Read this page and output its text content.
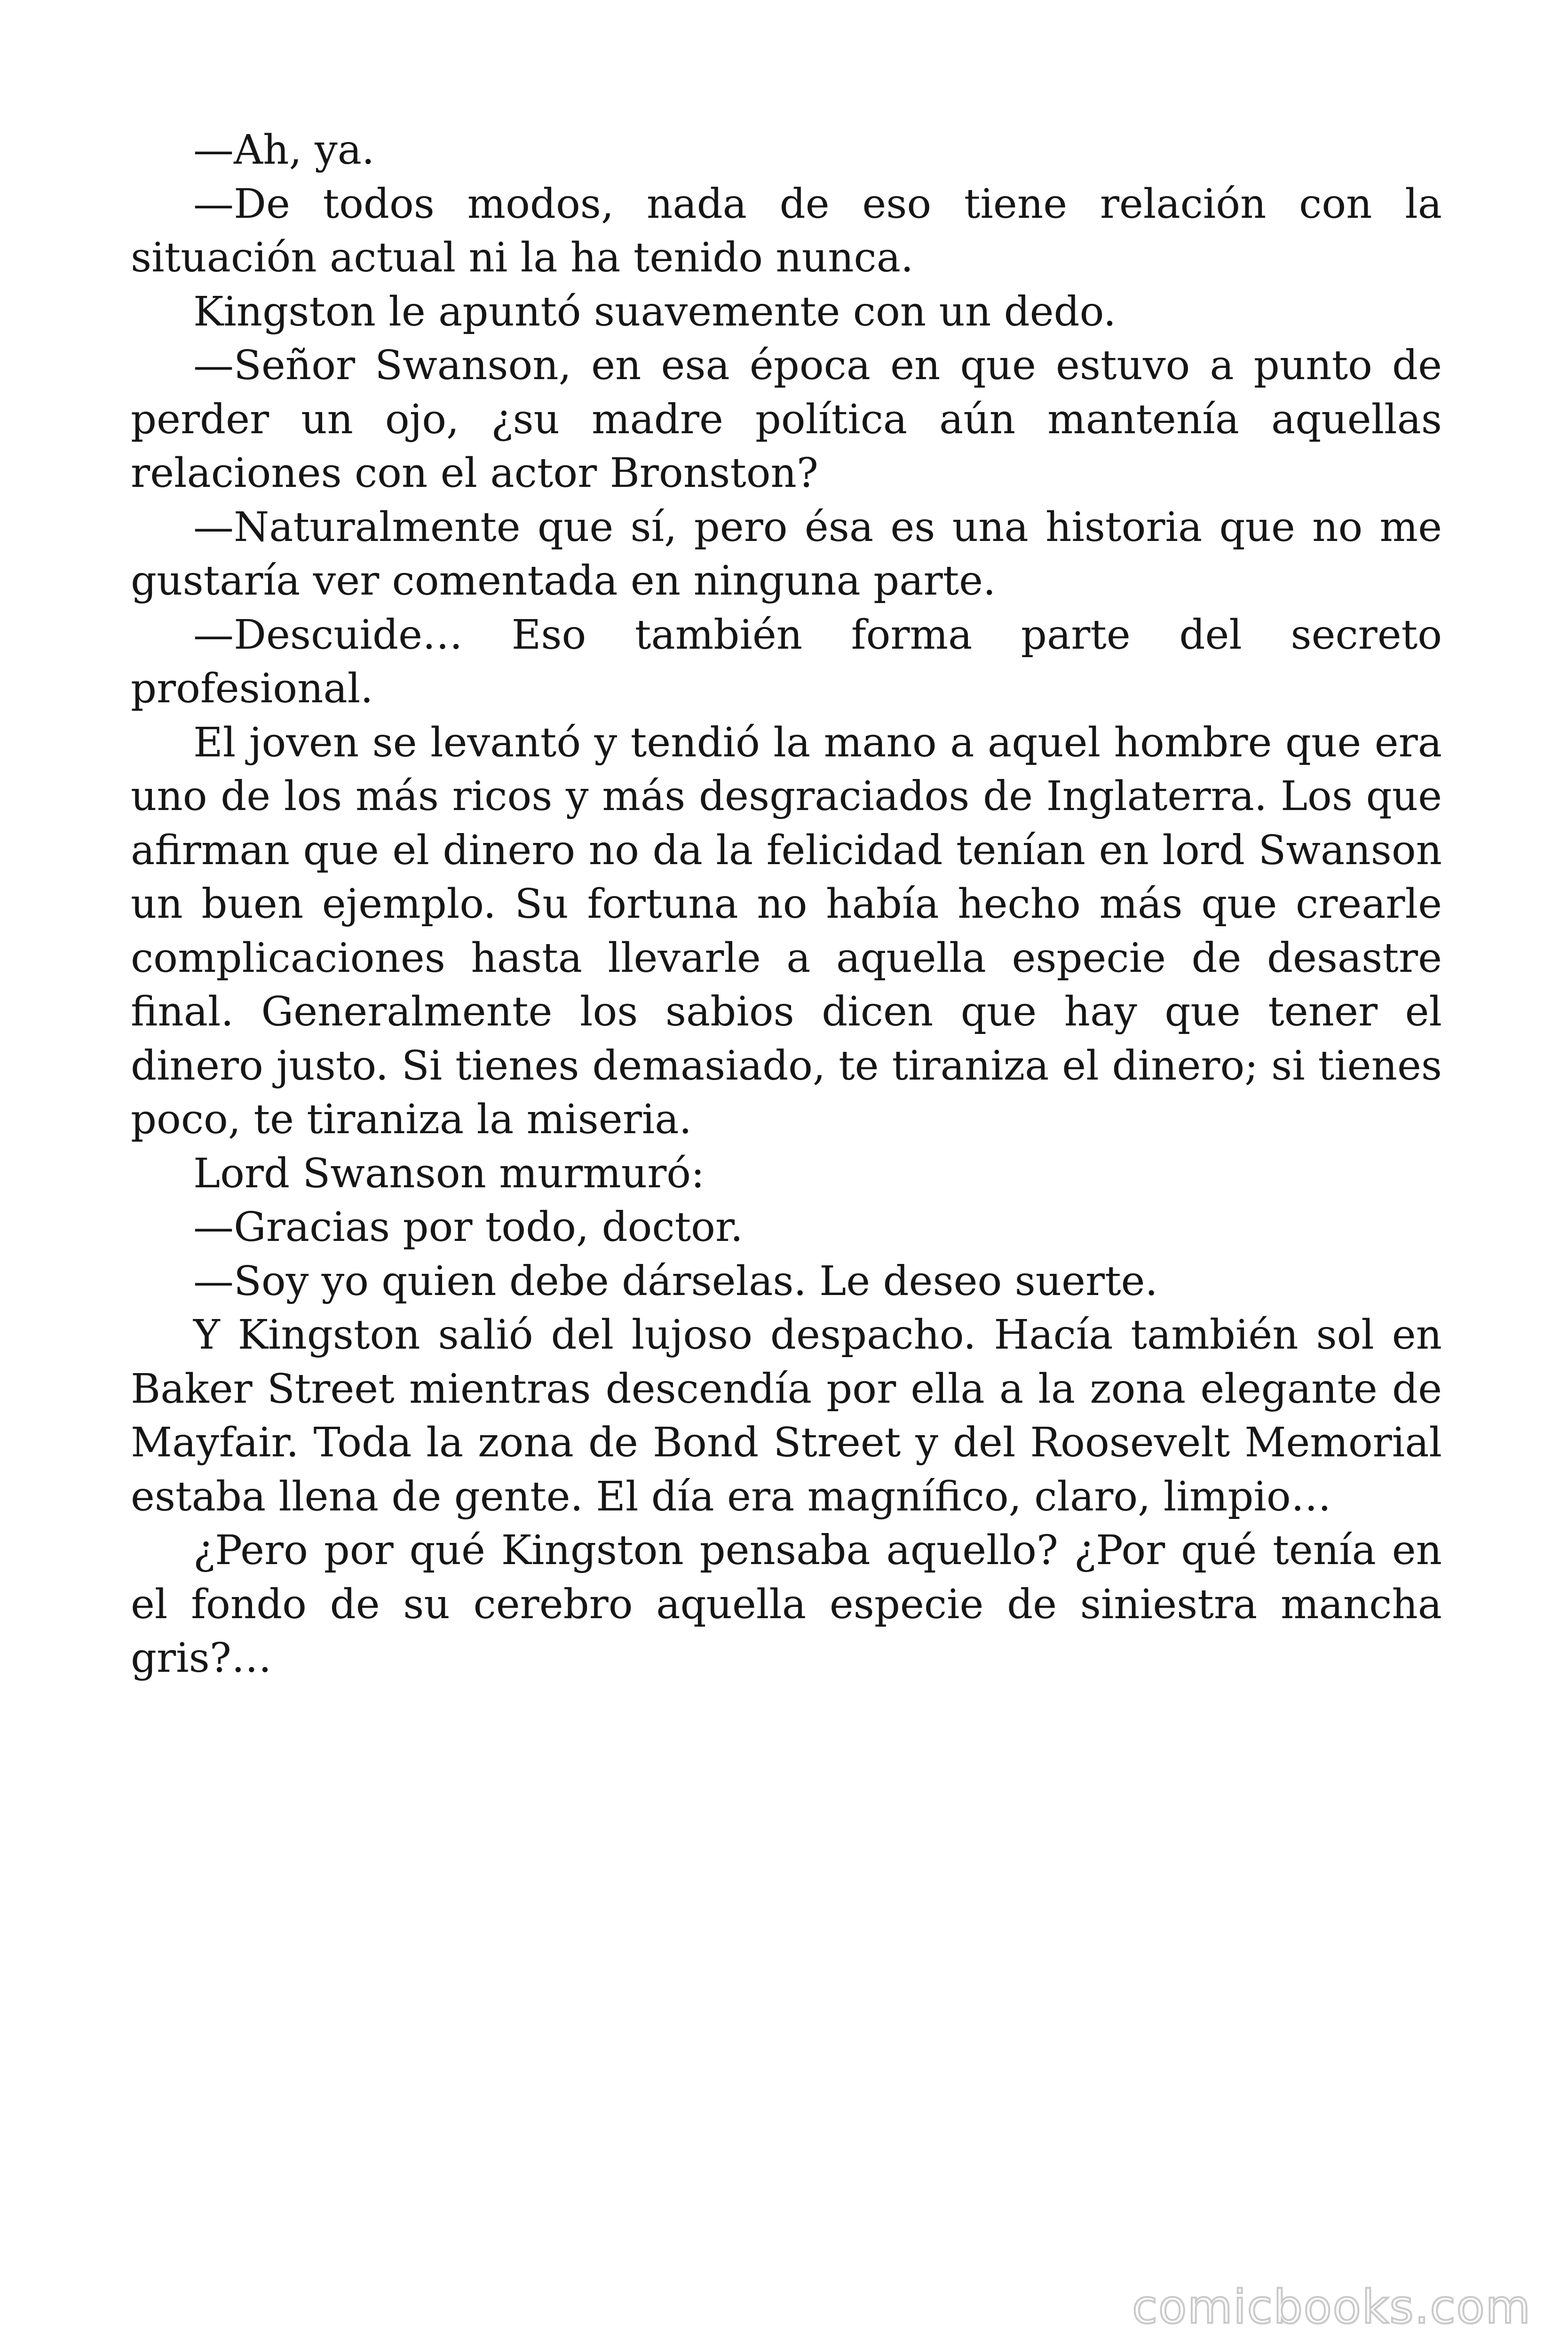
—Ah, ya.

—De todos modos, nada de eso tiene relación con la situación actual ni la ha tenido nunca.

Kingston le apuntó suavemente con un dedo.

—Señor Swanson, en esa época en que estuvo a punto de perder un ojo, ¿su madre política aún mantenía aquellas relaciones con el actor Bronston?

—Naturalmente que sí, pero ésa es una historia que no me gustaría ver comentada en ninguna parte.

—Descuide… Eso también forma parte del secreto profesional.

El joven se levantó y tendió la mano a aquel hombre que era uno de los más ricos y más desgraciados de Inglaterra. Los que afirman que el dinero no da la felicidad tenían en lord Swanson un buen ejemplo. Su fortuna no había hecho más que crearle complicaciones hasta llevarle a aquella especie de desastre final. Generalmente los sabios dicen que hay que tener el dinero justo. Si tienes demasiado, te tiraniza el dinero; si tienes poco, te tiraniza la miseria.

Lord Swanson murmuró:

—Gracias por todo, doctor.

—Soy yo quien debe dárselas. Le deseo suerte.

Y Kingston salió del lujoso despacho. Hacía también sol en Baker Street mientras descendía por ella a la zona elegante de Mayfair. Toda la zona de Bond Street y del Roosevelt Memorial estaba llena de gente. El día era magnífico, claro, limpio…

¿Pero por qué Kingston pensaba aquello? ¿Por qué tenía en el fondo de su cerebro aquella especie de siniestra mancha gris?…

comicbooks.com
